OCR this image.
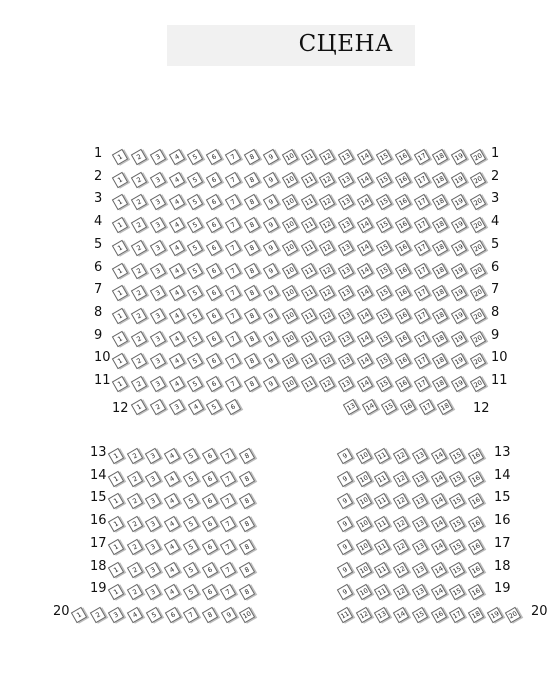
СЦЕНА
1	1
1	2	3	4	5	6	7	8	9	10	11	12	13	14	15	16	17	18	19	20
2	2
1	2	3	4	5	6	7	8	9	10	11	12	13	14	15	16	17	18	19	20
3	3
1	2	3	4	5	6	7	8	9	10	11	12	13	14	15	16	17	18	19	20
4	4
1	2	3	4	5	6	7	8	9	10	11	12	13	14	15	16	17	18	19	20
5	5
1	2	3	4	5	6	7	8	9	10	11	12	13	14	15	16	17	18	19	20
6	6
1	2	3	4	5	6	7	8	9	10	11	12	13	14	15	16	17	18	19	20
7	7
1	2	3	4	5	6	7	8	9	10	11	12	13	14	15	16	17	18	19	20
8	8
1	2	3	4	5	6	7	8	9	10	11	12	13	14	15	16	17	18	19	20
9	9
1	2	3	4	5	6	7	8	9	10	11	12	13	14	15	16	17	18	19	20
10	10
1	2	3	4	5	6	7	8	9	10	11	12	13	14	15	16	17	18	19	20
11	11
1	2	3	4	5	6	7	8	9	10	11	12	13	14	15	16	17	18	19	20
12	12
1	2	3	4	5	6	13	14	15	16	17	18
13	13
1	2	3	4	5	6	7	8	9	10	11	12	13	14	15	16
14	14
1	2	3	4	5	6	7	8	9	10	11	12	13	14	15	16
15	15
1	2	3	4	5	6	7	8	9	10	11	12	13	14	15	16
16	16
1	2	3	4	5	6	7	8	9	10	11	12	13	14	15	16
17	17
1	2	3	4	5	6	7	8	9	10	11	12	13	14	15	16
18	18
1	2	3	4	5	6	7	8	9	10	11	12	13	14	15	16
19	19
1	2	3	4	5	6	7	8	9	10	11	12	13	14	15	16
20	20
1	2	3	4	5	6	7	8	9	10	11	12	13	14	15	16	17	18	19	20
